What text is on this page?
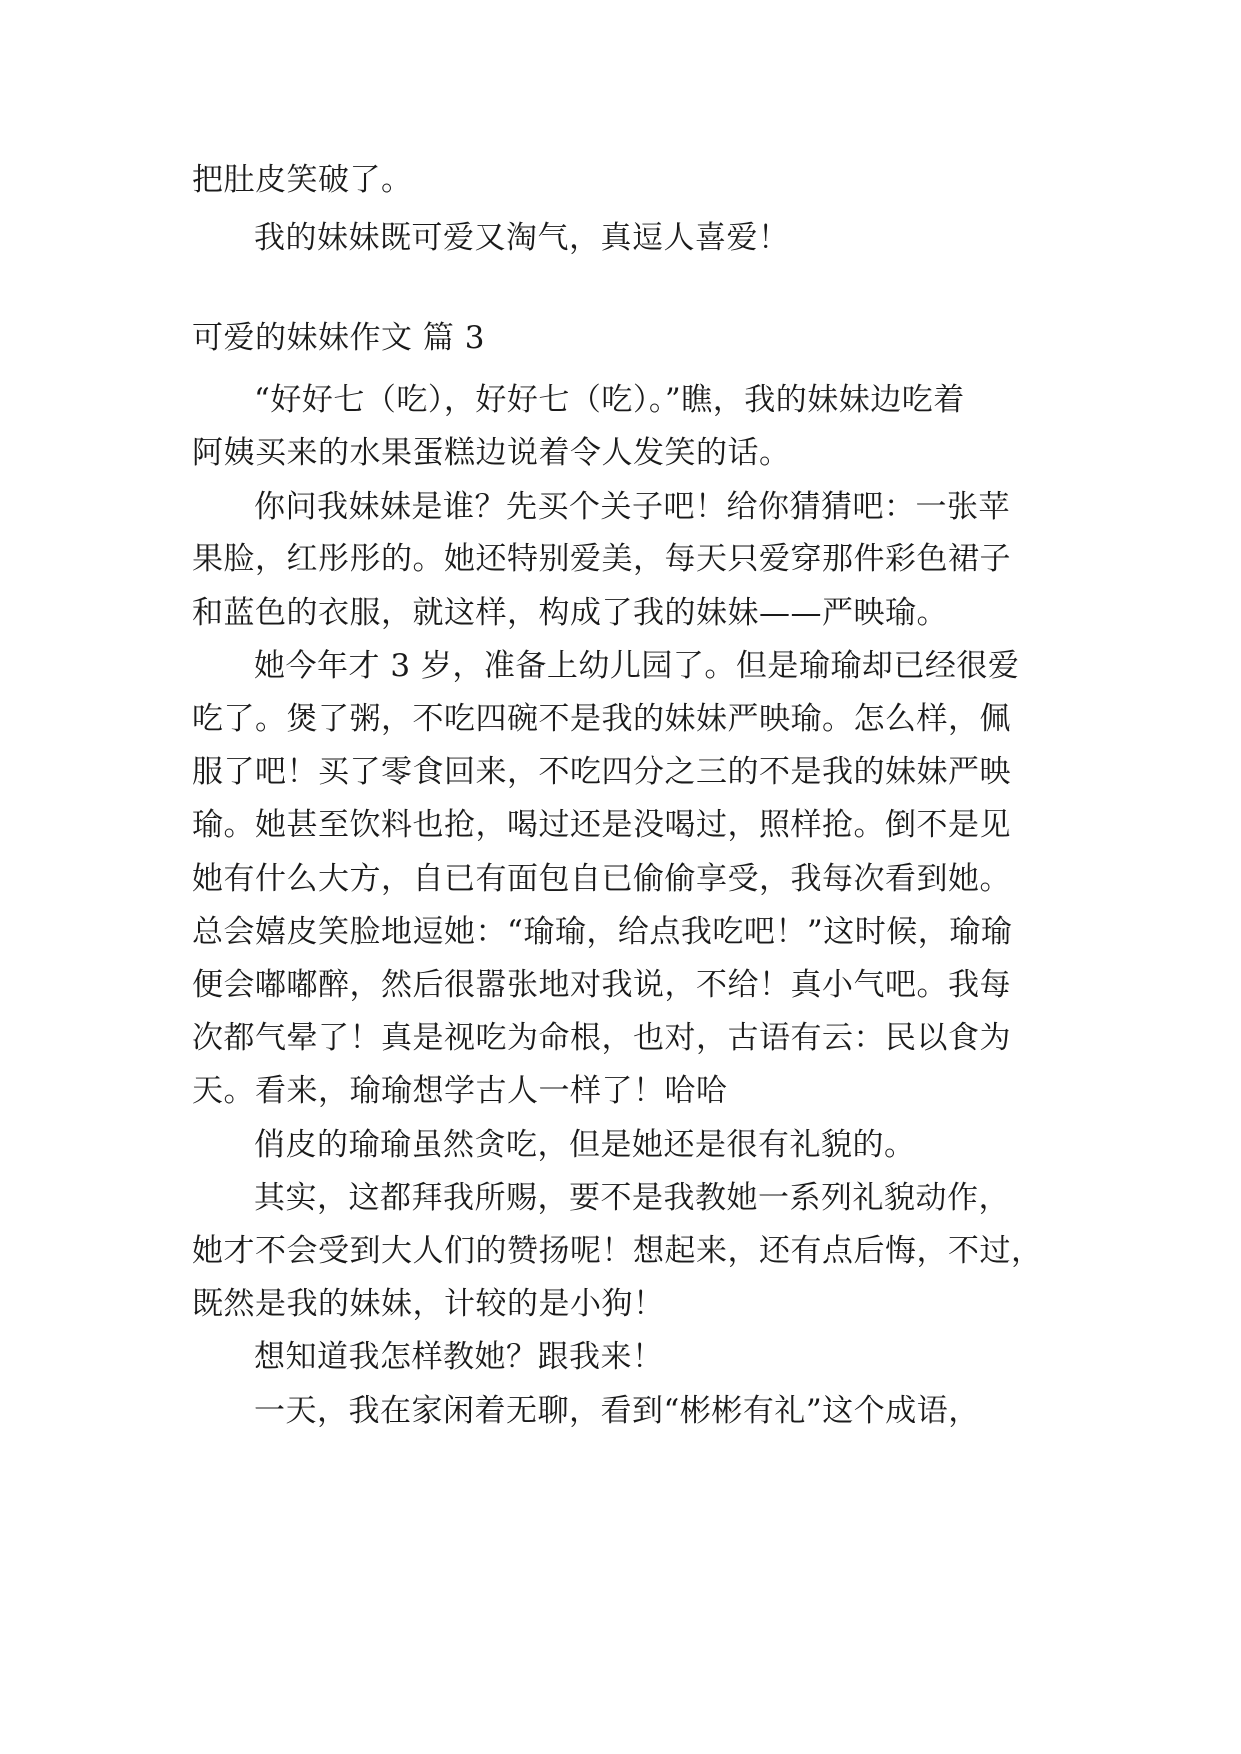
把肚皮笑破了。
我的妹妹既可爱又淘气，真逗人喜爱！
可爱的妹妹作文 篇 3
“好好七（吃），好好七（吃）。”瞧，我的妹妹边吃着
阿姨买来的水果蛋糕边说着令人发笑的话。
你问我妹妹是谁？先买个关子吧！给你猜猜吧：一张苹
果脸，红彤彤的。她还特别爱美，每天只爱穿那件彩色裙子
和蓝色的衣服，就这样，构成了我的妹妹——严映瑜。
她今年才 3 岁，准备上幼儿园了。但是瑜瑜却已经很爱
吃了。煲了粥，不吃四碗不是我的妹妹严映瑜。怎么样，佩
服了吧！买了零食回来，不吃四分之三的不是我的妹妹严映
瑜。她甚至饮料也抢，喝过还是没喝过，照样抢。倒不是见
她有什么大方，自已有面包自已偷偷享受，我每次看到她。
总会嬉皮笑脸地逗她：“瑜瑜，给点我吃吧！”这时候，瑜瑜
便会嘟嘟醉，然后很嚣张地对我说，不给！真小气吧。我每
次都气晕了！真是视吃为命根，也对，古语有云：民以食为
天。看来，瑜瑜想学古人一样了！哈哈
俏皮的瑜瑜虽然贪吃，但是她还是很有礼貌的。
其实，这都拜我所赐，要不是我教她一系列礼貌动作，
她才不会受到大人们的赞扬呢！想起来，还有点后悔，不过，
既然是我的妹妹，计较的是小狗！
想知道我怎样教她？跟我来！
一天，我在家闲着无聊，看到“彬彬有礼”这个成语，
